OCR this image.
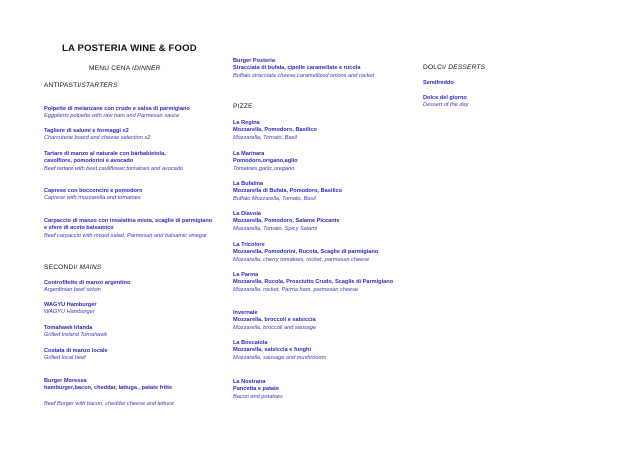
LA POSTERIA WINE & FOOD
MENU CENA /DINNER
ANTIPASTI/STARTERS
Polpette di melanzane con crudo e salsa di parmigiano
Eggplants polpette with raw ham and Parmesan sauce
Tagliere di salumi e formaggi x2
Charcuterie board and cheese selection x2
Tartare di manzo al naturale con barbabietola, cavolfiore, pomodorini e avocado
Beef tartare with beet,cauliflower,tomatoes and avocado
Caprese con bocconcini e pomodoro
Caprese with mozzarella and tomatoes
Carpaccio di manzo con insalatina mista, scaglie di parmigiano e sfere di aceto balsamico
Beef carpaccio with mixed salad, Parmesan and balsamic vinegar
SECONDI/ MAINS
Controfiletto di manzo argentino
Argentinian beef sirloin
WAGYU Hamburger
WAGYU Hamburger
Tomahawk Irlanda
Grilled Ireland Tomahawk
Costata di manzo locale
Grilled local beef
Burger Moressa
hamburger,bacon, cheddar, lattuga , patate fritte
Beef Burger with bacon, cheddar cheese and lettuce
Burger Posteria
Stracciata di bufala, cipolle caramellate e rucola
Buffalo stracciata cheese,caramellized onions and rocket
PIZZE
La Regina
Mozzarella, Pomodoro, Basilico
Mozzarella, Tomato, Basil
La Marinara
Pomodoro,origano,aglio
Tomatoes,garlic,oregano
La Bufalina
Mozzarella di Bufala, Pomodoro, Basilico
Buffalo Mozzarella, Tomato, Basil
La Diavola
Mozzarella, Pomodoro, Salame Piccante
Mozzarella, Tomato, Spicy Salami
La Tricolore
Mozzarella, Pomodorini, Rucola, Scaglie di parmigiano
Mozzarella, cherry tomatoes, rocket, parmesan cheese
La Parma
Mozzarella, Rucola, Prosciutto Crudo, Scaglie di Parmigiano
Mozzarella, rocket, Parma ham, parmesan cheese
Invernale
Mozzarella, broccoli e salsiccia
Mozzarella, broccoli and sausage
La Boscaiola
Mozzarella, salsiccia e funghi
Mozzarella, sausage and mushrooms
La Nostrana
Pancetta e patate
Bacon and potatoes
DOLCI/ DESSERTS
Semifreddo
Dolce del giorno
Dessert of the day
